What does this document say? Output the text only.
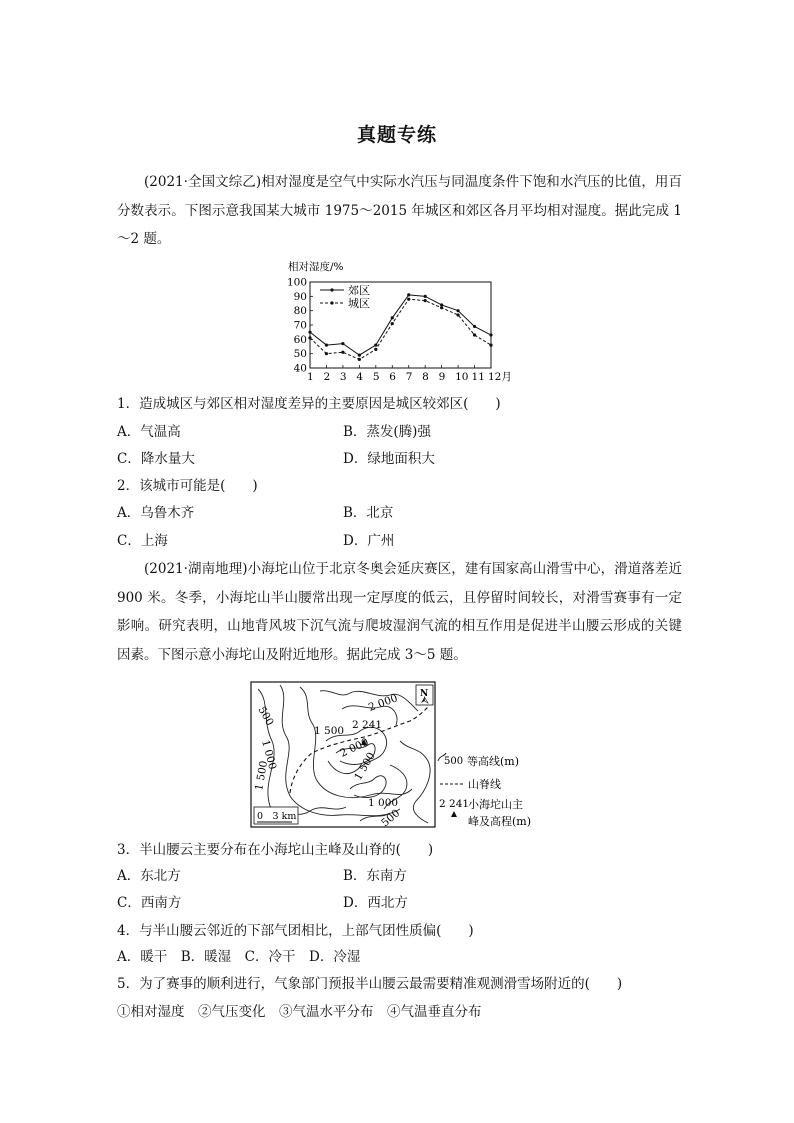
真题专练

(2021·全国文综乙)相对湿度是空气中实际水汽压与同温度条件下饱和水汽压的比值，用百分数表示。下图示意我国某大城市 1975～2015 年城区和郊区各月平均相对湿度。据此完成 1～2 题。

相对湿度/%
100
90
80
70
60
50
40
1 2 3 4 5 6 7 8 9 10 11 12月
郊区
城区
1．造成城区与郊区相对湿度差异的主要原因是城区较郊区(　　)
A．气温高	B．蒸发(腾)强
C．降水量大	D．绿地面积大
2．该城市可能是(　　)
A．乌鲁木齐	B．北京
C．上海	D．广州

(2021·湖南地理)小海坨山位于北京冬奥会延庆赛区，建有国家高山滑雪中心，滑道落差近 900 米。冬季，小海坨山半山腰常出现一定厚度的低云，且停留时间较长，对滑雪赛事有一定影响。研究表明，山地背风坡下沉气流与爬坡湿润气流的相互作用是促进半山腰云形成的关键因素。下图示意小海坨山及附近地形。据此完成 3～5 题。

2 241
2 000
1 500
2 000
1 500
1 000
1 000	1 500
500
500
N
0　3 km
500 等高线(m)
山脊线
2 241
小海坨山主
峰及高程(m)
3．半山腰云主要分布在小海坨山主峰及山脊的(　　)
A．东北方	B．东南方
C．西南方	D．西北方
4．与半山腰云邻近的下部气团相比，上部气团性质偏(　　)
A．暖干　B．暖湿　C．冷干　D．冷湿
5．为了赛事的顺利进行，气象部门预报半山腰云最需要精准观测滑雪场附近的(　　)
①相对湿度　②气压变化　③气温水平分布　④气温垂直分布
